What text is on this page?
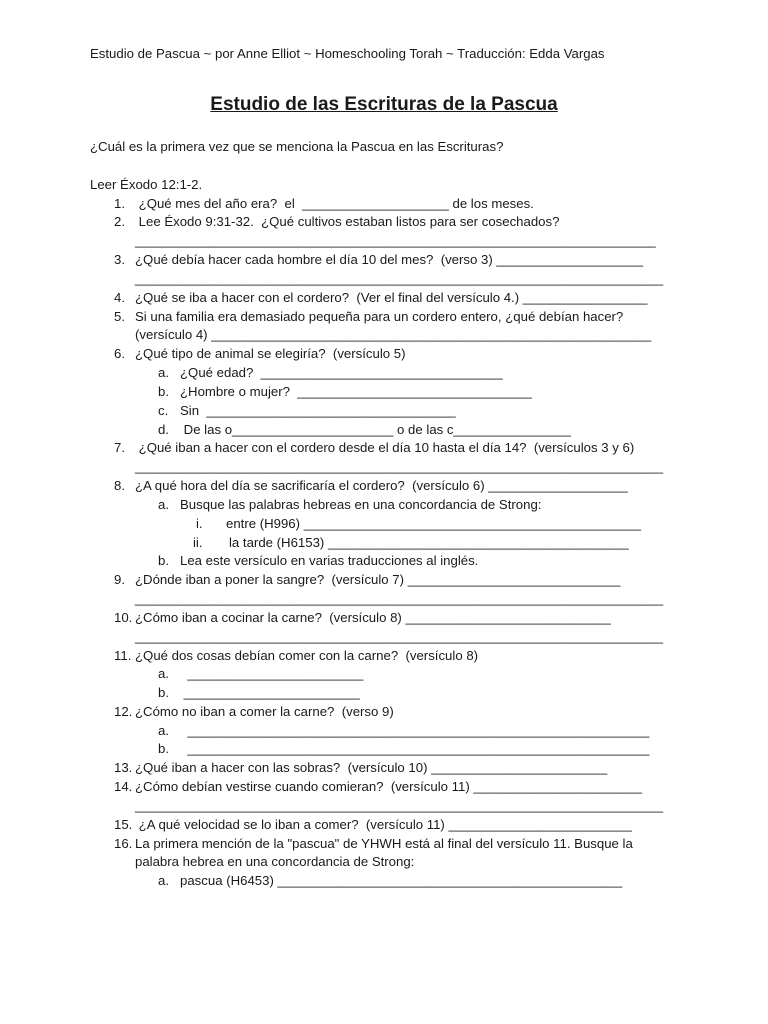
Estudio de Pascua ~ por Anne Elliot ~ Homeschooling Torah ~ Traducción: Edda Vargas
Estudio de las Escrituras de la Pascua
¿Cuál es la primera vez que se menciona la Pascua en las Escrituras?
Leer Éxodo 12:1-2.
1. ¿Qué mes del año era?  el  ____________________ de los meses.
2. Lee Éxodo 9:31-32.  ¿Qué cultivos estaban listos para ser cosechados?
_______________________________________________________________________
3. ¿Qué debía hacer cada hombre el día 10 del mes?  (verso 3) ____________________
________________________________________________________________________
4. ¿Qué se iba a hacer con el cordero?  (Ver el final del versículo 4.) _________________
5. Si una familia era demasiado pequeña para un cordero entero, ¿qué debían hacer?
(versículo 4) ____________________________________________________________
6. ¿Qué tipo de animal se elegiría?  (versículo 5)
a. ¿Qué edad?  _________________________________
b. ¿Hombre o mujer?  ________________________________
c. Sin  __________________________________
d. De las o______________________ o de las c________________
7. ¿Qué iban a hacer con el cordero desde el día 10 hasta el día 14?  (versículos 3 y 6)
________________________________________________________________________
8. ¿A qué hora del día se sacrificaría el cordero?  (versículo 6) ___________________
a. Busque las palabras hebreas en una concordancia de Strong:
i. entre (H996) ______________________________________________
ii. la tarde (H6153) _________________________________________
b. Lea este versículo en varias traducciones al inglés.
9. ¿Dónde iban a poner la sangre?  (versículo 7) _____________________________
________________________________________________________________________
10. ¿Cómo iban a cocinar la carne?  (versículo 8) ____________________________
________________________________________________________________________
11. ¿Qué dos cosas debían comer con la carne?  (versículo 8)
a. ________________________
b. ________________________
12. ¿Cómo no iban a comer la carne?  (verso 9)
a. _______________________________________________________________
b. _______________________________________________________________
13. ¿Qué iban a hacer con las sobras?  (versículo 10) ________________________
14. ¿Cómo debían vestirse cuando comieran?  (versículo 11) _______________________
________________________________________________________________________
15. ¿A qué velocidad se lo iban a comer?  (versículo 11) _________________________
16. La primera mención de la "pascua" de YHWH está al final del versículo 11. Busque la
palabra hebrea en una concordancia de Strong:
a. pascua (H6453) _______________________________________________
